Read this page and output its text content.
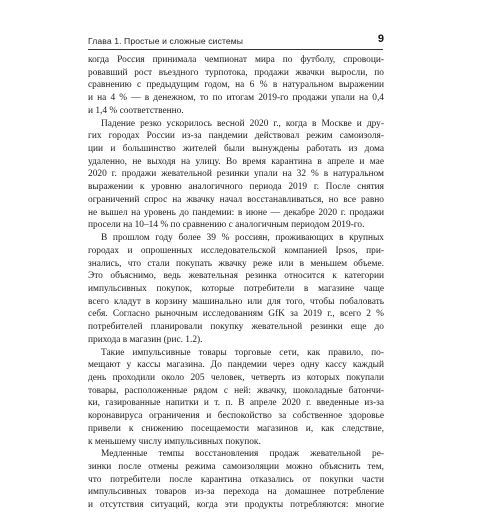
Глава 1. Простые и сложные системы	9
когда Россия принимала чемпионат мира по футболу, спровоци-
ровавший рост въездного турпотока, продажи жвачки выросли, по
сравнению с предыдущим годом, на 6 % в натуральном выражении
и на 4 % — в денежном, то по итогам 2019-го продажи упали на 0,4
и 1,4 % соответственно.
Падение резко ускорилось весной 2020 г., когда в Москве и дру-
гих городах России из-за пандемии действовал режим самоизоля-
ции и большинство жителей были вынуждены работать из дома
удаленно, не выходя на улицу. Во время карантина в апреле и мае
2020 г. продажи жевательной резинки упали на 32 % в натуральном
выражении к уровню аналогичного периода 2019 г. После снятия
ограничений спрос на жвачку начал восстанавливаться, но все равно
не вышел на уровень до пандемии: в июне — декабре 2020 г. продажи
просели на 10–14 % по сравнению с аналогичным периодом 2019-го.
В прошлом году более 39 % россиян, проживающих в крупных
городах и опрошенных исследовательской компанией Ipsos, при-
знались, что стали покупать жвачку реже или в меньшем объеме.
Это объяснимо, ведь жевательная резинка относится к категории
импульсивных покупок, которые потребители в магазине чаще
всего кладут в корзину машинально или для того, чтобы побаловать
себя. Согласно рыночным исследованиям GfK за 2019 г., всего 2 %
потребителей планировали покупку жевательной резинки еще до
прихода в магазин (рис. 1.2).
Такие импульсивные товары торговые сети, как правило, по-
мещают у кассы магазина. До пандемии через одну кассу каждый
день проходили около 205 человек, четверть из которых покупали
товары, расположенные рядом с ней: жвачку, шоколадные батончи-
ки, газированные напитки и т. п. В апреле 2020 г. введенные из-за
коронавируса ограничения и беспокойство за собственное здоровье
привели к снижению посещаемости магазинов и, как следствие,
к меньшему числу импульсивных покупок.
Медленные темпы восстановления продаж жевательной ре-
зинки после отмены режима самоизоляции можно объяснить тем,
что потребители после карантина отказались от покупки части
импульсивных товаров из-за перехода на домашнее потребление
и отсутствия ситуаций, когда эти продукты потребляются: многие
